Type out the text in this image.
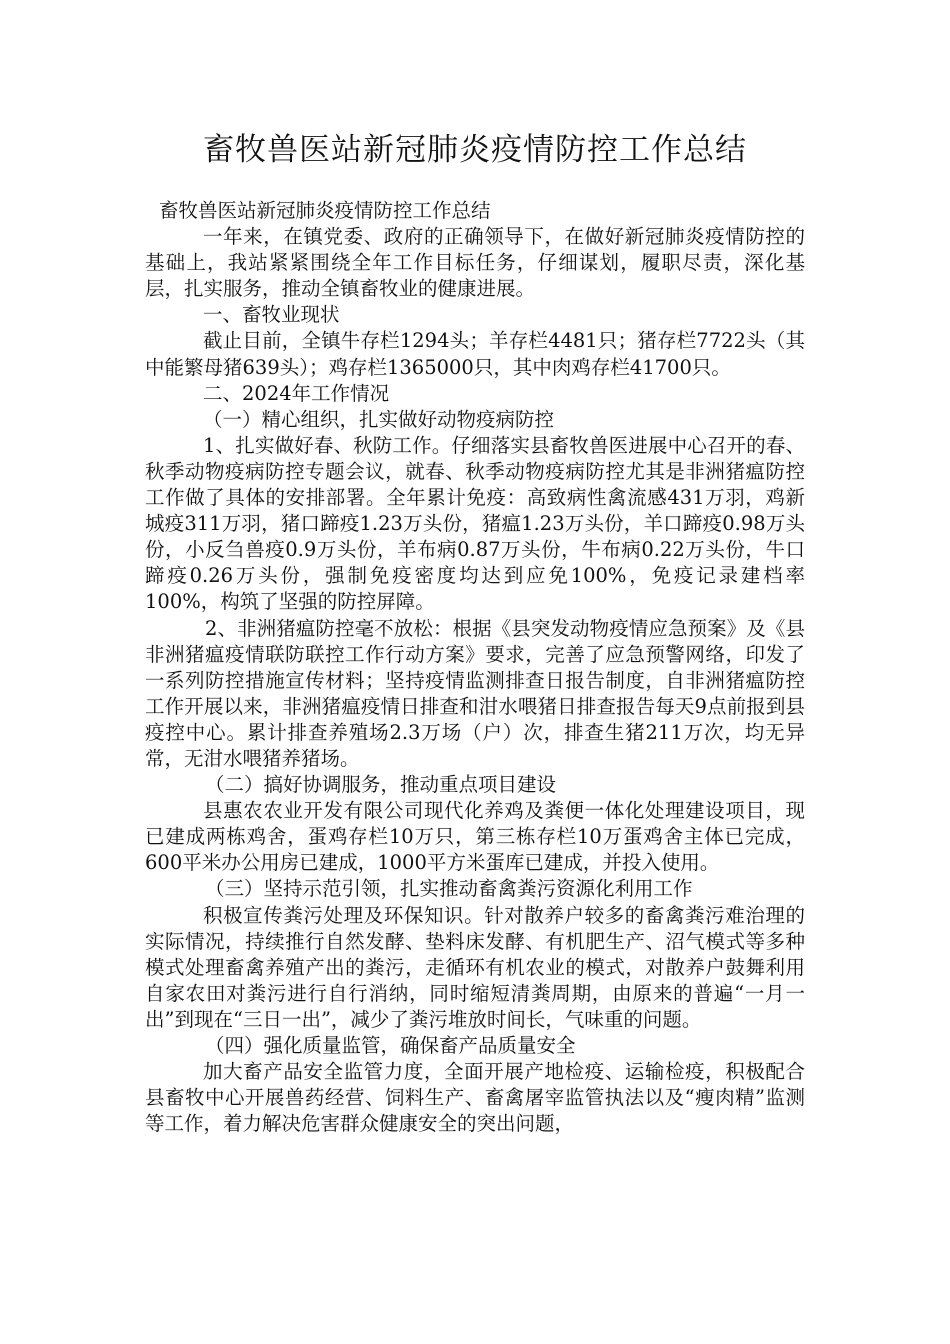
畜牧兽医站新冠肺炎疫情防控工作总结

畜牧兽医站新冠肺炎疫情防控工作总结

一年来，在镇党委、政府的正确领导下，在做好新冠肺炎疫情防控的基础上，我站紧紧围绕全年工作目标任务，仔细谋划，履职尽责，深化基层，扎实服务，推动全镇畜牧业的健康进展。

一、畜牧业现状

截止目前，全镇牛存栏1294头；羊存栏4481只；猪存栏7722头（其中能繁母猪639头）；鸡存栏1365000只，其中肉鸡存栏41700只。

二、2024年工作情况

（一）精心组织，扎实做好动物疫病防控

1、扎实做好春、秋防工作。仔细落实县畜牧兽医进展中心召开的春、秋季动物疫病防控专题会议，就春、秋季动物疫病防控尤其是非洲猪瘟防控工作做了具体的安排部署。全年累计免疫：高致病性禽流感431万羽，鸡新城疫311万羽，猪口蹄疫1.23万头份，猪瘟1.23万头份，羊口蹄疫0.98万头份，小反刍兽疫0.9万头份，羊布病0.87万头份，牛布病0.22万头份，牛口蹄疫0.26万头份，强制免疫密度均达到应免100%，免疫记录建档率100%，构筑了坚强的防控屏障。

2、非洲猪瘟防控毫不放松：根据《县突发动物疫情应急预案》及《县非洲猪瘟疫情联防联控工作行动方案》要求，完善了应急预警网络，印发了一系列防控措施宣传材料；坚持疫情监测排查日报告制度，自非洲猪瘟防控工作开展以来，非洲猪瘟疫情日排查和泔水喂猪日排查报告每天9点前报到县疫控中心。累计排查养殖场2.3万场（户）次，排查生猪211万次，均无异常，无泔水喂猪养猪场。

（二）搞好协调服务，推动重点项目建设

县惠农农业开发有限公司现代化养鸡及粪便一体化处理建设项目，现已建成两栋鸡舍，蛋鸡存栏10万只，第三栋存栏10万蛋鸡舍主体已完成，600平米办公用房已建成，1000平方米蛋库已建成，并投入使用。

（三）坚持示范引领，扎实推动畜禽粪污资源化利用工作

积极宣传粪污处理及环保知识。针对散养户较多的畜禽粪污难治理的实际情况，持续推行自然发酵、垫料床发酵、有机肥生产、沼气模式等多种模式处理畜禽养殖产出的粪污，走循环有机农业的模式，对散养户鼓舞利用自家农田对粪污进行自行消纳，同时缩短清粪周期，由原来的普遍“一月一出”到现在“三日一出”，减少了粪污堆放时间长，气味重的问题。

（四）强化质量监管，确保畜产品质量安全

加大畜产品安全监管力度，全面开展产地检疫、运输检疫，积极配合县畜牧中心开展兽药经营、饲料生产、畜禽屠宰监管执法以及“瘦肉精”监测等工作，着力解决危害群众健康安全的突出问题，
